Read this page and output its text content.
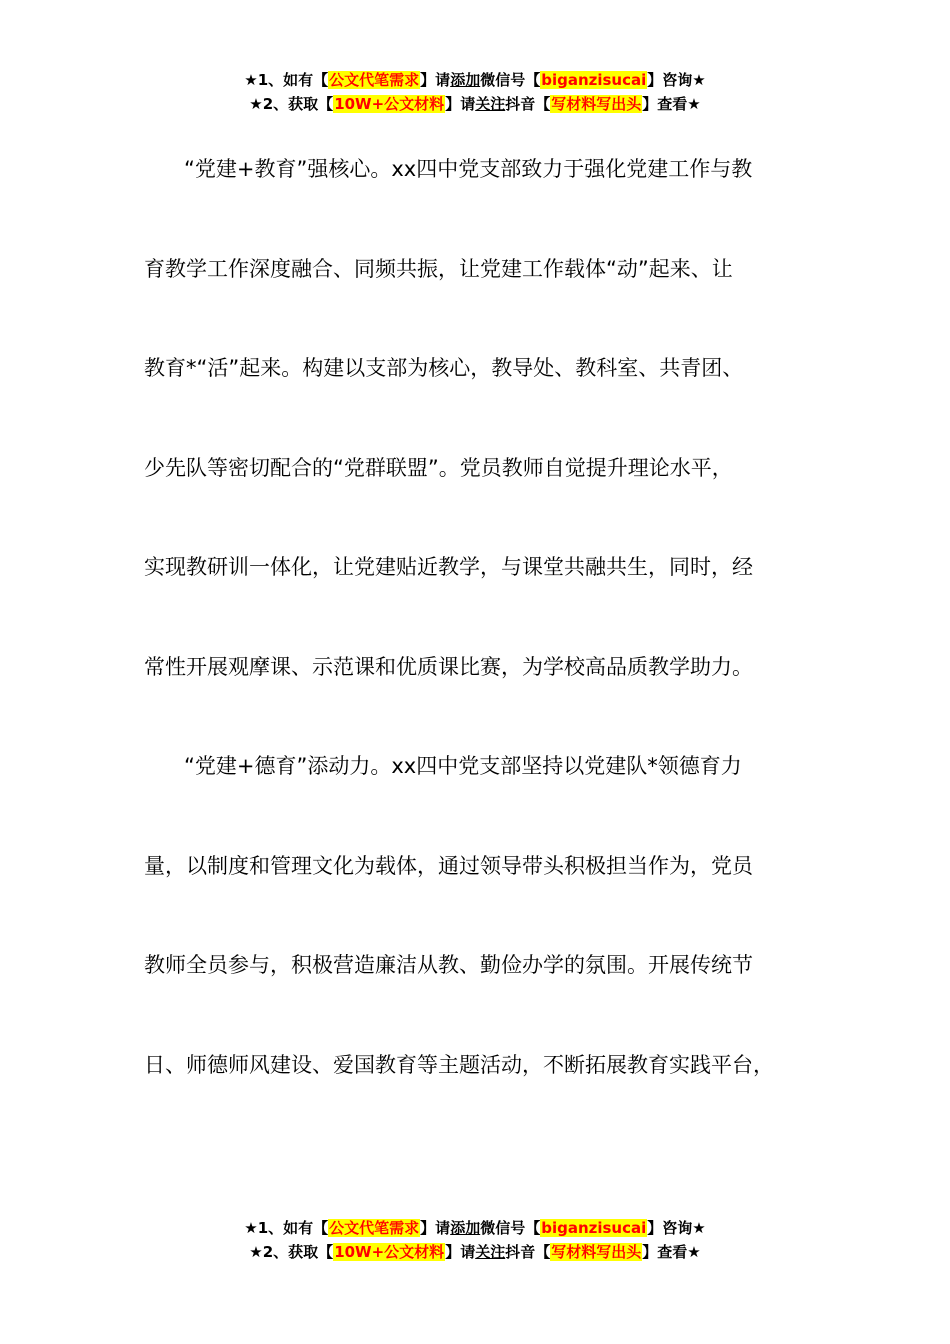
★1、如有【公文代笔需求】请添加微信号【biganzisucai】咨询★
★2、获取【10W+公文材料】请关注抖音【写材料写出头】查看★
“党建+教育”强核心。xx四中党支部致力于强化党建工作与教
育教学工作深度融合、同频共振，让党建工作载体“动”起来、让
教育*“活”起来。构建以支部为核心，教导处、教科室、共青团、
少先队等密切配合的“党群联盟”。党员教师自觉提升理论水平，
实现教研训一体化，让党建贴近教学，与课堂共融共生，同时，经
常性开展观摩课、示范课和优质课比赛，为学校高品质教学助力。
“党建+德育”添动力。xx四中党支部坚持以党建队*领德育力
量，以制度和管理文化为载体，通过领导带头积极担当作为，党员
教师全员参与，积极营造廉洁从教、勤俭办学的氛围。开展传统节
日、师德师风建设、爱国教育等主题活动，不断拓展教育实践平台，
★1、如有【公文代笔需求】请添加微信号【biganzisucai】咨询★
★2、获取【10W+公文材料】请关注抖音【写材料写出头】查看★
